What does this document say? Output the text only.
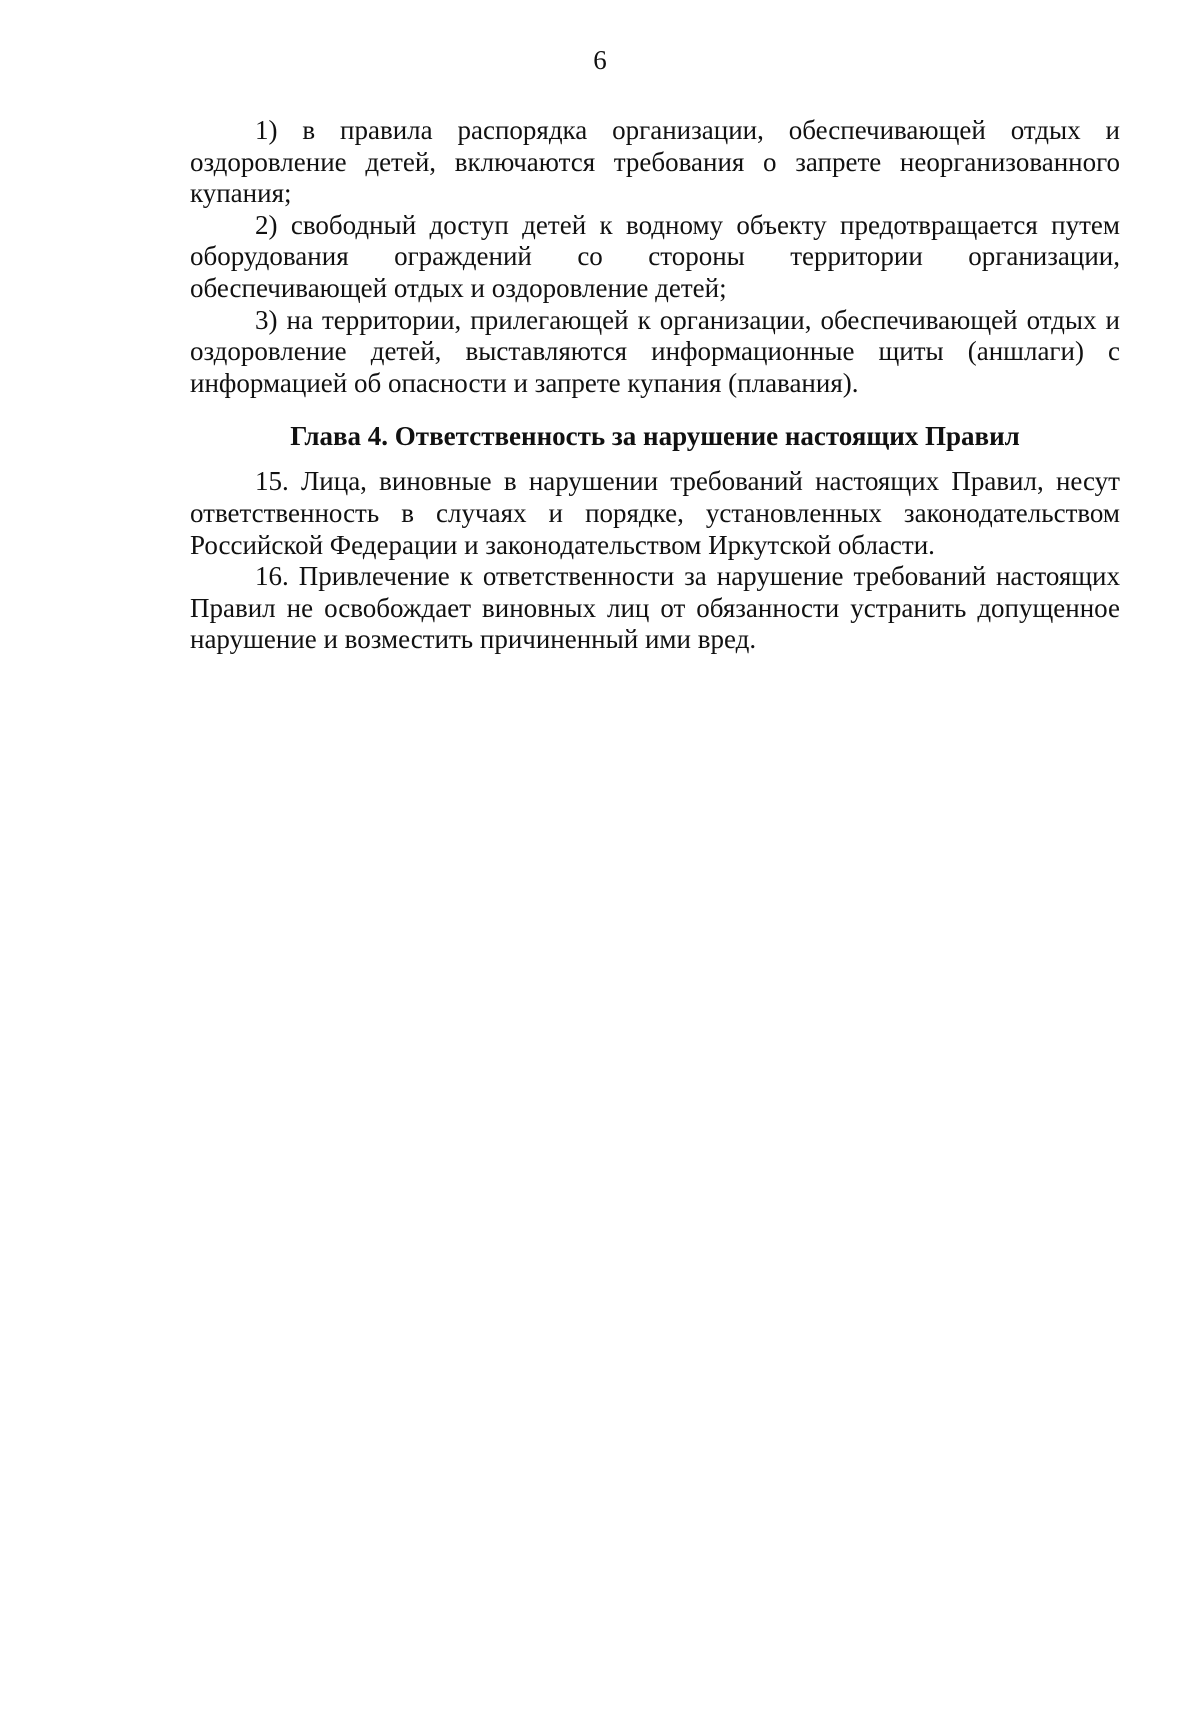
6

1) в правила распорядка организации, обеспечивающей отдых и оздоровление детей, включаются требования о запрете неорганизованного купания;

2) свободный доступ детей к водному объекту предотвращается путем оборудования ограждений со стороны территории организации, обеспечивающей отдых и оздоровление детей;

3) на территории, прилегающей к организации, обеспечивающей отдых и оздоровление детей, выставляются информационные щиты (аншлаги) с информацией об опасности и запрете купания (плавания).

Глава 4. Ответственность за нарушение настоящих Правил

15. Лица, виновные в нарушении требований настоящих Правил, несут ответственность в случаях и порядке, установленных законодательством Российской Федерации и законодательством Иркутской области.

16. Привлечение к ответственности за нарушение требований настоящих Правил не освобождает виновных лиц от обязанности устранить допущенное нарушение и возместить причиненный ими вред.
